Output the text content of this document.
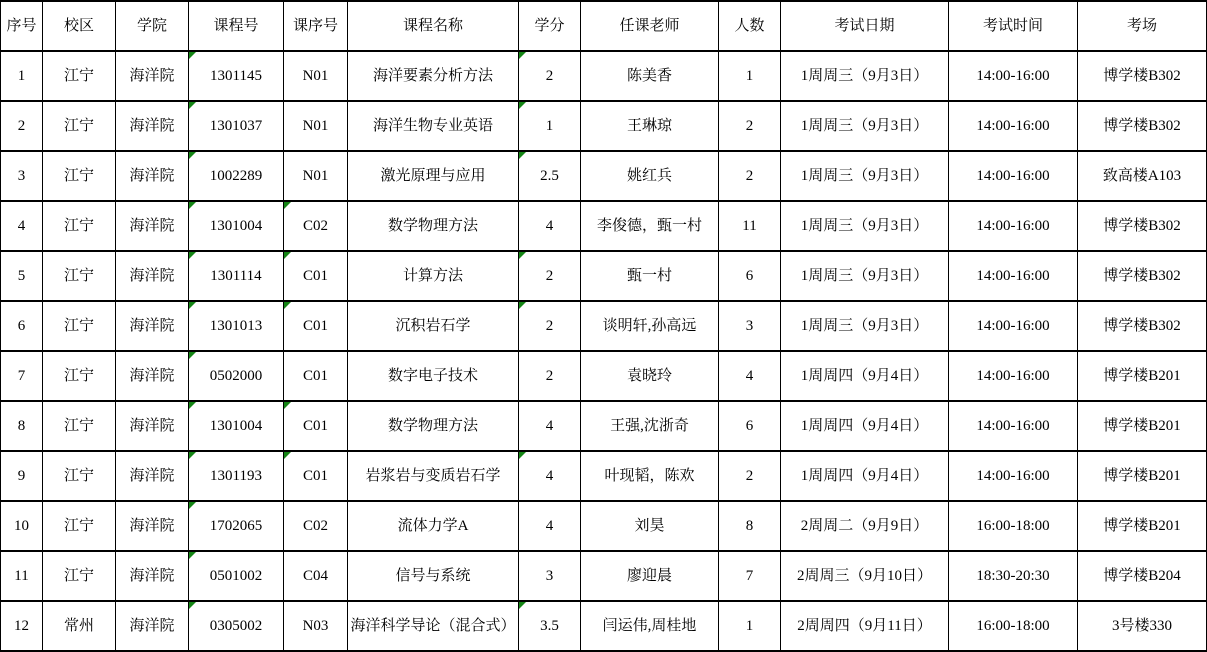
序号	校区	学院	课程号	课序号	课程名称	学分	任课老师	人数	考试日期	考试时间	考场
1	江宁	海洋院	1301145	N01	海洋要素分析方法	2	陈美香	1	1周周三（9月3日）	14:00-16:00	博学楼B302
2	江宁	海洋院	1301037	N01	海洋生物专业英语	1	王琳琼	2	1周周三（9月3日）	14:00-16:00	博学楼B302
3	江宁	海洋院	1002289	N01	激光原理与应用	2.5	姚红兵	2	1周周三（9月3日）	14:00-16:00	致高楼A103
4	江宁	海洋院	1301004	C02	数学物理方法	4	李俊德，甄一村	11	1周周三（9月3日）	14:00-16:00	博学楼B302
5	江宁	海洋院	1301114	C01	计算方法	2	甄一村	6	1周周三（9月3日）	14:00-16:00	博学楼B302
6	江宁	海洋院	1301013	C01	沉积岩石学	2	谈明轩,孙高远	3	1周周三（9月3日）	14:00-16:00	博学楼B302
7	江宁	海洋院	0502000	C01	数字电子技术	2	袁晓玲	4	1周周四（9月4日）	14:00-16:00	博学楼B201
8	江宁	海洋院	1301004	C01	数学物理方法	4	王强,沈浙奇	6	1周周四（9月4日）	14:00-16:00	博学楼B201
9	江宁	海洋院	1301193	C01	岩浆岩与变质岩石学	4	叶现韬，陈欢	2	1周周四（9月4日）	14:00-16:00	博学楼B201
10	江宁	海洋院	1702065	C02	流体力学A	4	刘昊	8	2周周二（9月9日）	16:00-18:00	博学楼B201
11	江宁	海洋院	0501002	C04	信号与系统	3	廖迎晨	7	2周周三（9月10日）	18:30-20:30	博学楼B204
12	常州	海洋院	0305002	N03	海洋科学导论（混合式）	3.5	闫运伟,周桂地	1	2周周四（9月11日）	16:00-18:00	3号楼330
